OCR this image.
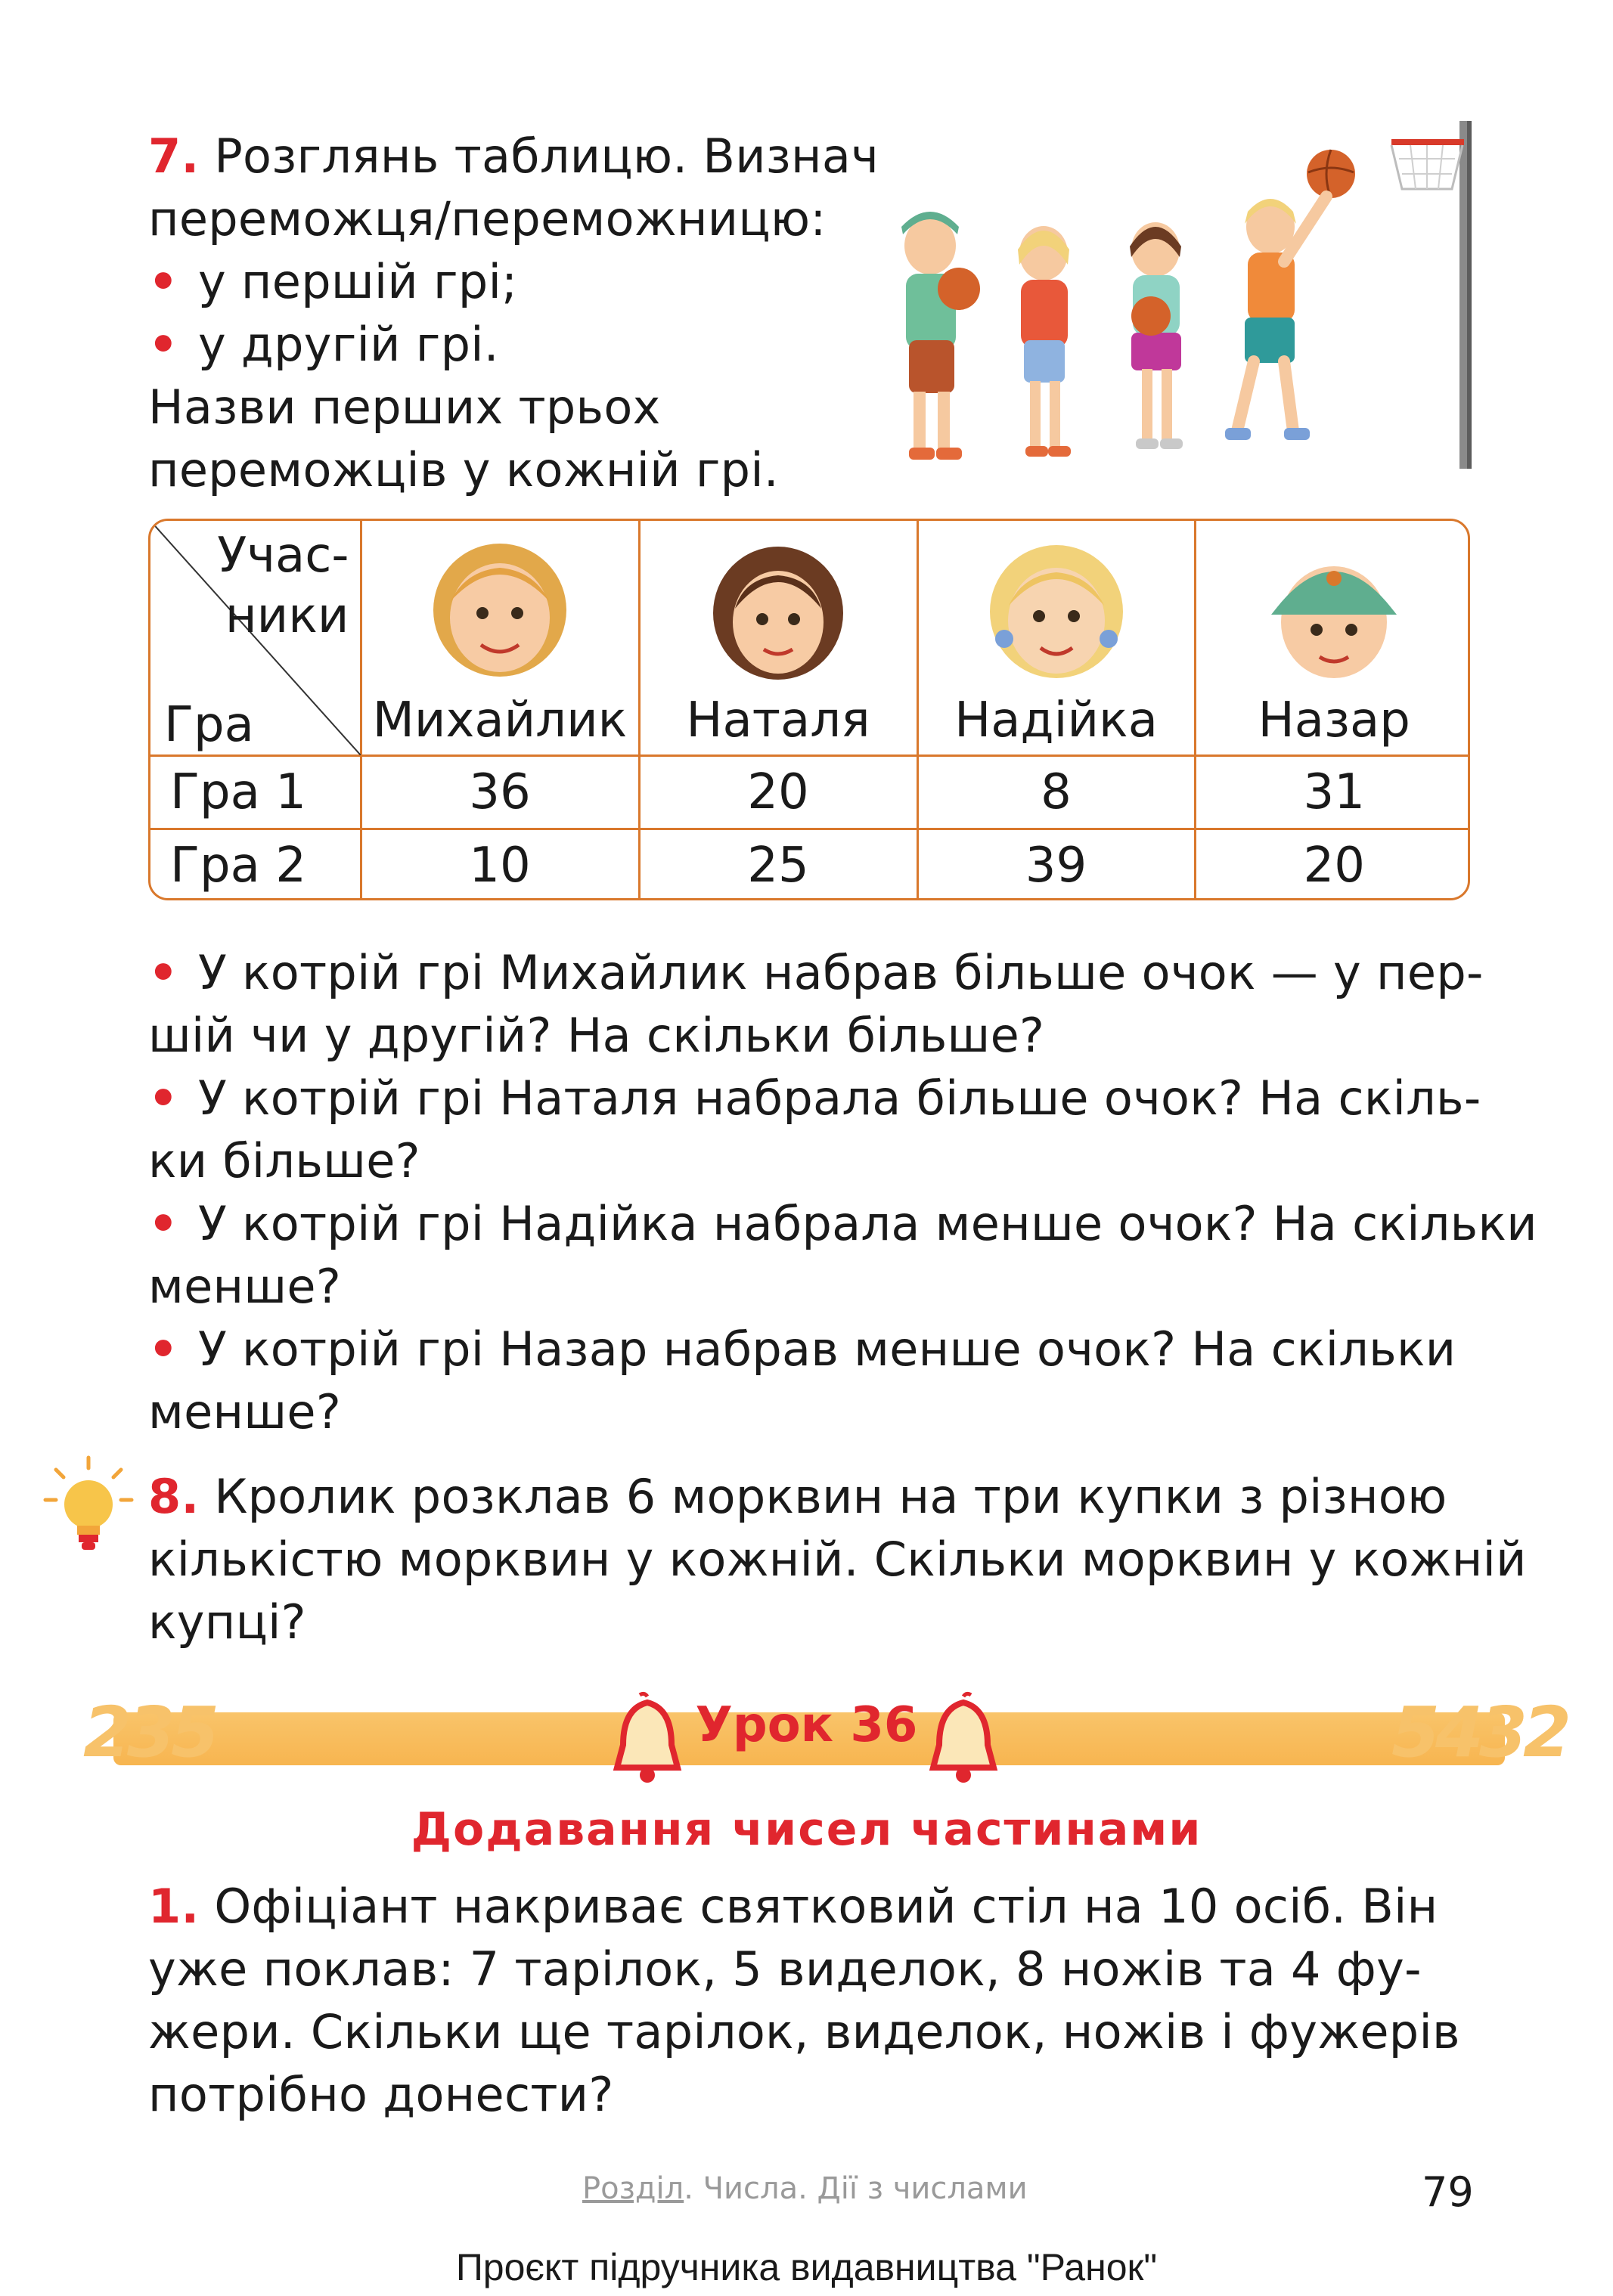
7. Розглянь таблицю. Визнач
переможця/переможницю:
• у першій грі;
• у другій грі.
Назви перших трьох
переможців у кожній грі.
Учас-
ники
Гра	Михайлик	Наталя	Надійка	Назар

Гра 1	36	20	8	31
Гра 2	10	25	39	20
• У котрій грі Михайлик набрав більше очок — у пер-
шій чи у другій? На скільки більше?
• У котрій грі Наталя набрала більше очок? На скіль-
ки більше?
• У котрій грі Надійка набрала менше очок? На скільки
менше?
• У котрій грі Назар набрав менше очок? На скільки
менше?
8. Кролик розклав 6 морквин на три купки з різною
кількістю морквин у кожній. Скільки морквин у кожній
купці?
235	5432
Урок 36
Додавання чисел частинами
1. Офіціант накриває святковий стіл на 10 осіб. Він
уже поклав: 7 тарілок, 5 виделок, 8 ножів та 4 фу-
жери. Скільки ще тарілок, виделок, ножів і фужерів
потрібно донести?
Розділ. Числа. Дії з числами	79
Проєкт підручника видавництва "Ранок"
